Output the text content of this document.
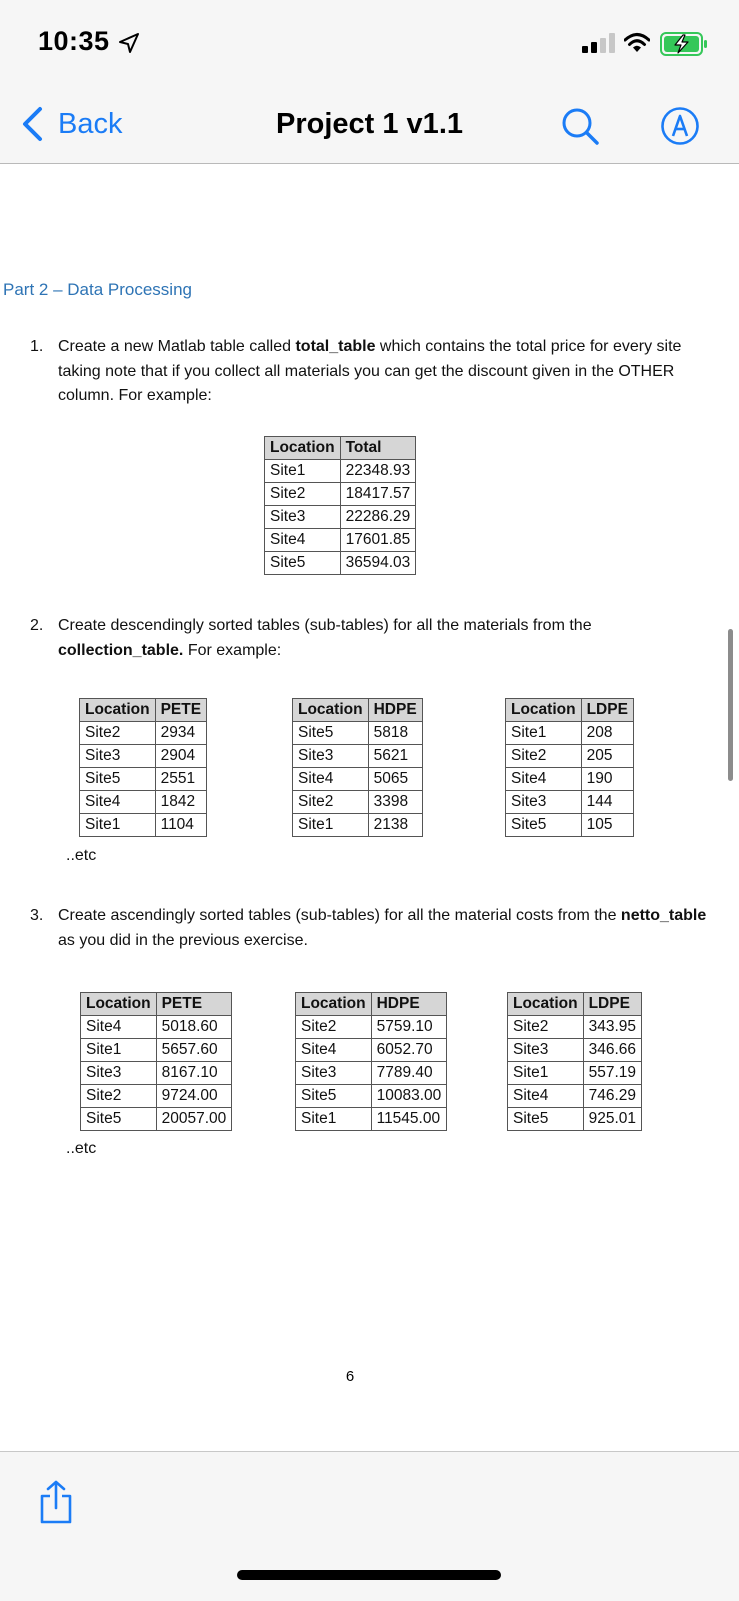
10:35
Back	Project 1 v1.1
Part 2 – Data Processing
1. Create a new Matlab table called total_table which contains the total price for every site taking note that if you collect all materials you can get the discount given in the OTHER column. For example:
Location	Total
Site1	22348.93
Site2	18417.57
Site3	22286.29
Site4	17601.85
Site5	36594.03
2. Create descendingly sorted tables (sub-tables) for all the materials from the collection_table. For example:
Location	PETE
Site2	2934
Site3	2904
Site5	2551
Site4	1842
Site1	1104
Location	HDPE
Site5	5818
Site3	5621
Site4	5065
Site2	3398
Site1	2138
Location	LDPE
Site1	208
Site2	205
Site4	190
Site3	144
Site5	105
..etc
3. Create ascendingly sorted tables (sub-tables) for all the material costs from the netto_table as you did in the previous exercise.
Location	PETE
Site4	5018.60
Site1	5657.60
Site3	8167.10
Site2	9724.00
Site5	20057.00
Location	HDPE
Site2	5759.10
Site4	6052.70
Site3	7789.40
Site5	10083.00
Site1	11545.00
Location	LDPE
Site2	343.95
Site3	346.66
Site1	557.19
Site4	746.29
Site5	925.01
..etc
6
